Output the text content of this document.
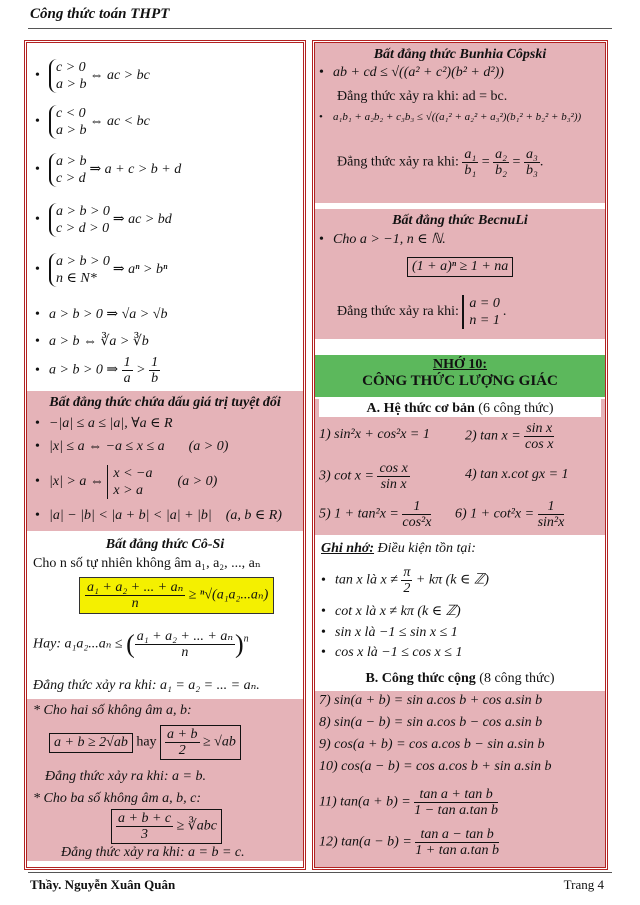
Công thức toán THPT
•
c > 0
a > b
⇔ ac > bc
•
c < 0
a > b
⇔ ac < bc
•
a > b
c > d
⇒ a + c > b + d
•
a > b > 0
c > d > 0
⇒ ac > bd
•
a > b > 0
n ∈ N*
⇒ aⁿ > bⁿ
• a > b > 0 ⇒ √a > √b
• a > b ⇔ ∛a > ∛b
• a > b > 0 ⇒ $\frac{1}{a} > \frac{1}{b}$
Bất đẳng thức chứa dấu giá trị tuyệt đối
• −|a| ≤ a ≤ |a|, ∀a ∈ R
• |x| ≤ a ⇔ −a ≤ x ≤ a (a > 0)
• |x| > a ⇔
x < −a
x > a
(a > 0)
• |a| − |b| < |a + b| < |a| + |b| (a, b ∈ R)
Bất đẳng thức Cô-Si
Cho n số tự nhiên không âm a₁, a₂, ..., aₙ
$\frac{\text{a₁ + a₂ + ... + aₙ}}{n} \ge ^n√(a_1a_2...a_n)$
Hay: a₁a₂...aₙ ≤ ( $\frac{\text{a₁ + a₂ + ... + aₙ}}{n} )^n$
Đẳng thức xảy ra khi: a₁ = a₂ = ... = aₙ.
* Cho hai số không âm a, b:
a + b ≥ 2√ab hay $\frac{a + b}{2} \ge √ab$
Đẳng thức xảy ra khi: a = b.
* Cho ba số không âm a, b, c:
$\frac{a + b + c}{3}$ ≥ ∛abc
Đẳng thức xảy ra khi: a = b = c.
Bất đẳng thức Bunhia Côpski
• ab + cd ≤ √((a² + c²)(b² + d²))
Đẳng thức xảy ra khi: ad = bc.
• a₁b₁ + a₂b₂ + c₃b₃ ≤ √((a₁² + a₂² + a₃²)(b₁² + b₂² + b₃²))
Đẳng thức xảy ra khi: $\frac{\text{a₁}}{\text{b₁}} = \frac{\text{a₂}}{\text{b₂}} = \frac{\text{a₃}}{\text{b₃}}$ .
Bất đẳng thức BecnuLi
• Cho a > −1, n ∈ ℕ.
(1 + a)ⁿ ≥ 1 + na
Đẳng thức xảy ra khi:
a = 0
n = 1
.
NHỚ 10:
CÔNG THỨC LƯỢNG GIÁC
A. Hệ thức cơ bản (6 công thức)
1) sin²x + cos²x = 1	2) $\tan x = \frac{\text{sin x}}{\text{cos x}}$
3) $\cot x = \frac{\text{cos x}}{\text{sin x}}$	4) tan x.cot gx = 1
5) $1 + \tan^2x = \frac{1}{\text{cos²x}} 6$) $1 + \cot^2x = \frac{1}{\text{sin²x}}$
Ghi nhớ: Điều kiện tồn tại:
• tan x là $x \ne \frac{\pi}{2} + k\pi$ (k ∈ ℤ)
• cot x là x ≠ kπ (k ∈ ℤ)
• sin x là −1 ≤ sin x ≤ 1
• cos x là −1 ≤ cos x ≤ 1
B. Công thức cộng (8 công thức)
7) sin(a + b) = sin a.cos b + cos a.sin b
8) sin(a − b) = sin a.cos b − cos a.sin b
9) cos(a + b) = cos a.cos b − sin a.sin b
10) cos(a − b) = cos a.cos b + sin a.sin b
11) $\tan(a + b) = \frac{\text{tan a + tan b}}{\text{1 − tan a.tan b}}$
12) $\tan(a - b) = \frac{\text{tan a − tan b}}{\text{1 + tan a.tan b}}$
Thầy. Nguyễn Xuân Quân	Trang 4
